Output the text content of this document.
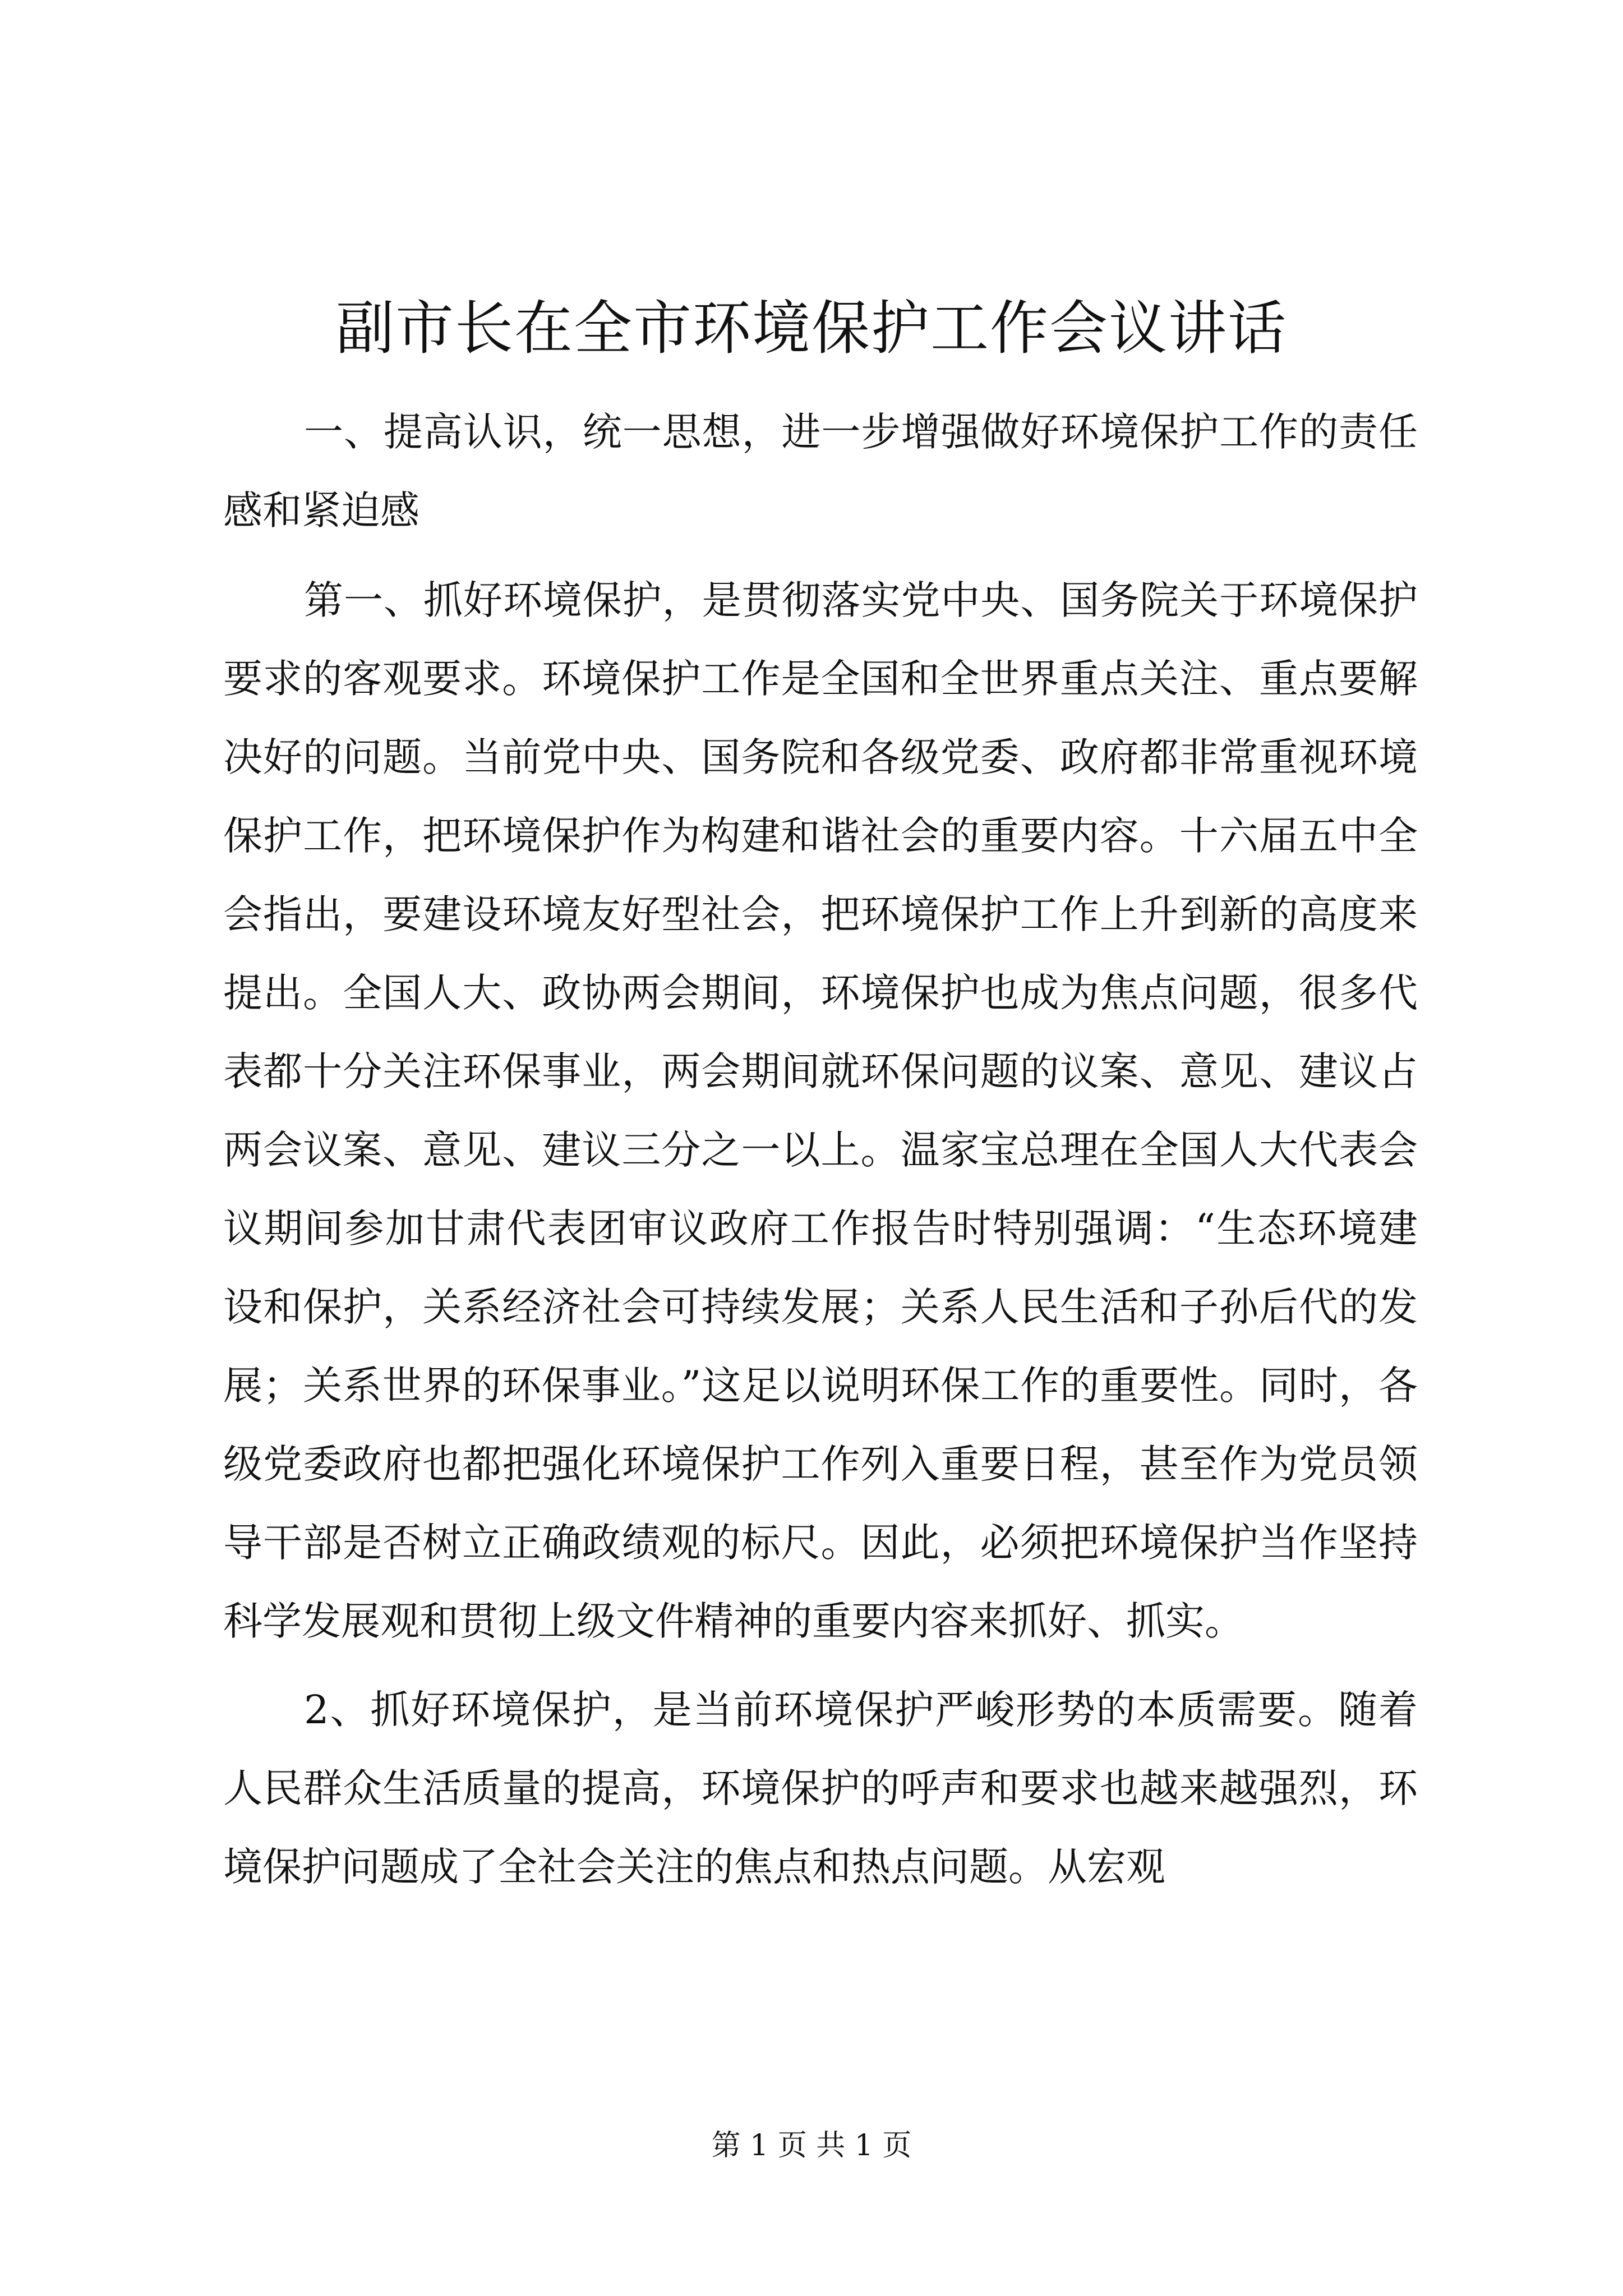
副市长在全市环境保护工作会议讲话

一、提高认识，统一思想，进一步增强做好环境保护工作的责任感和紧迫感

第一、抓好环境保护，是贯彻落实党中央、国务院关于环境保护要求的客观要求。环境保护工作是全国和全世界重点关注、重点要解决好的问题。当前党中央、国务院和各级党委、政府都非常重视环境保护工作，把环境保护作为构建和谐社会的重要内容。十六届五中全会指出，要建设环境友好型社会，把环境保护工作上升到新的高度来提出。全国人大、政协两会期间，环境保护也成为焦点问题，很多代表都十分关注环保事业，两会期间就环保问题的议案、意见、建议占两会议案、意见、建议三分之一以上。温家宝总理在全国人大代表会议期间参加甘肃代表团审议政府工作报告时特别强调：“生态环境建设和保护，关系经济社会可持续发展；关系人民生活和子孙后代的发展；关系世界的环保事业。”这足以说明环保工作的重要性。同时，各级党委政府也都把强化环境保护工作列入重要日程，甚至作为党员领导干部是否树立正确政绩观的标尺。因此，必须把环境保护当作坚持科学发展观和贯彻上级文件精神的重要内容来抓好、抓实。

2、抓好环境保护，是当前环境保护严峻形势的本质需要。随着人民群众生活质量的提高，环境保护的呼声和要求也越来越强烈，环境保护问题成了全社会关注的焦点和热点问题。从宏观

第 1 页 共 1 页
